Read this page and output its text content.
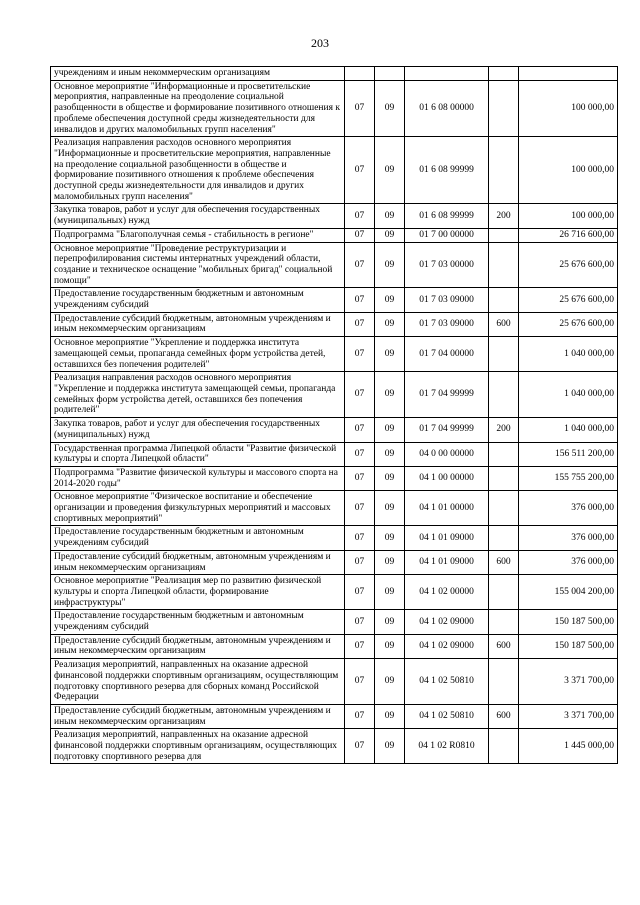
203
учреждениям и иным некоммерческим организациям					
Основное мероприятие "Информационные и просветительские мероприятия, направленные на преодоление социальной разобщенности в обществе и формирование позитивного отношения к проблеме обеспечения доступной среды жизнедеятельности для инвалидов и других маломобильных групп населения"	07	09	01 6 08 00000		100 000,00
Реализация направления расходов основного мероприятия "Информационные и просветительские мероприятия, направленные на преодоление социальной разобщенности в обществе и формирование позитивного отношения к проблеме обеспечения доступной среды жизнедеятельности для инвалидов и других маломобильных групп населения"	07	09	01 6 08 99999		100 000,00
Закупка товаров, работ и услуг для обеспечения государственных (муниципальных) нужд	07	09	01 6 08 99999	200	100 000,00
Подпрограмма "Благополучная семья - стабильность в регионе"	07	09	01 7 00 00000		26 716 600,00
Основное мероприятие "Проведение реструктуризации и перепрофилирования системы интернатных учреждений области, создание и техническое оснащение "мобильных бригад" социальной помощи"	07	09	01 7 03 00000		25 676 600,00
Предоставление государственным бюджетным и автономным учреждениям субсидий	07	09	01 7 03 09000		25 676 600,00
Предоставление субсидий бюджетным, автономным учреждениям и иным некоммерческим организациям	07	09	01 7 03 09000	600	25 676 600,00
Основное мероприятие "Укрепление и поддержка института замещающей семьи, пропаганда семейных форм устройства детей, оставшихся без попечения родителей"	07	09	01 7 04 00000		1 040 000,00
Реализация направления расходов основного мероприятия "Укрепление и поддержка института замещающей семьи, пропаганда семейных форм устройства детей, оставшихся без попечения родителей"	07	09	01 7 04 99999		1 040 000,00
Закупка товаров, работ и услуг для обеспечения государственных (муниципальных) нужд	07	09	01 7 04 99999	200	1 040 000,00
Государственная программа Липецкой области "Развитие физической культуры и спорта Липецкой области"	07	09	04 0 00 00000		156 511 200,00
Подпрограмма "Развитие физической культуры и массового спорта на 2014-2020 годы"	07	09	04 1 00 00000		155 755 200,00
Основное мероприятие "Физическое воспитание и обеспечение организации и проведения физкультурных мероприятий и массовых спортивных мероприятий"	07	09	04 1 01 00000		376 000,00
Предоставление государственным бюджетным и автономным учреждениям субсидий	07	09	04 1 01 09000		376 000,00
Предоставление субсидий бюджетным, автономным учреждениям и иным некоммерческим организациям	07	09	04 1 01 09000	600	376 000,00
Основное мероприятие "Реализация мер по развитию физической культуры и спорта Липецкой области, формирование инфраструктуры"	07	09	04 1 02 00000		155 004 200,00
Предоставление государственным бюджетным и автономным учреждениям субсидий	07	09	04 1 02 09000		150 187 500,00
Предоставление субсидий бюджетным, автономным учреждениям и иным некоммерческим организациям	07	09	04 1 02 09000	600	150 187 500,00
Реализация мероприятий, направленных на оказание адресной финансовой поддержки спортивным организациям, осуществляющим подготовку спортивного резерва для сборных команд Российской Федерации	07	09	04 1 02 50810		3 371 700,00
Предоставление субсидий бюджетным, автономным учреждениям и иным некоммерческим организациям	07	09	04 1 02 50810	600	3 371 700,00
Реализация мероприятий, направленных на оказание адресной финансовой поддержки спортивным организациям, осуществляющих подготовку спортивного резерва для	07	09	04 1 02 R0810		1 445 000,00
